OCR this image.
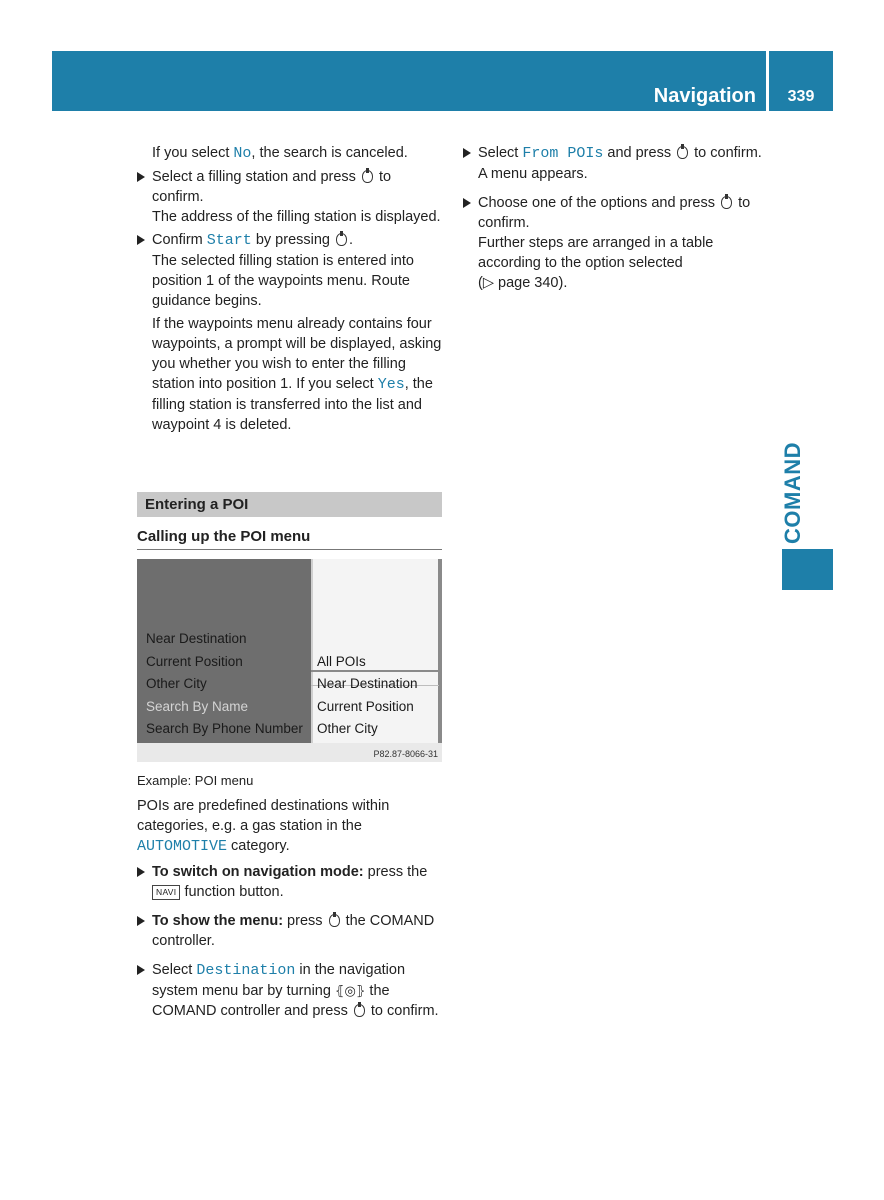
Navigation	339
COMAND

If you select No, the search is canceled.

Select a filling station and press to
confirm.
The address of the filling station is displayed.

Confirm Start by pressing .
The selected filling station is entered into position 1 of the waypoints menu. Route guidance begins.

If the waypoints menu already contains four waypoints, a prompt will be displayed, asking you whether you wish to enter the filling station into position 1. If you select Yes, the filling station is transferred into the list and waypoint 4 is deleted.

Entering a POI
Calling up the POI menu
Near Destination
Current Position
Other City
Search By Name
Search By Phone Number
All POIs
Near Destination
Current Position
Other City
P82.87-8066-31

Example: POI menu

POIs are predefined destinations within categories, e.g. a gas station in the AUTOMOTIVE category.

To switch on navigation mode: press the
NAVI function button.

To show the menu: press the COMAND controller.

Select Destination in the navigation system menu bar by turning ⦃◎⦄ the COMAND controller and press to confirm.

Select From POIs and press to confirm.
A menu appears.

Choose one of the options and press to
confirm.
Further steps are arranged in a table according to the option selected
(▷ page 340).
